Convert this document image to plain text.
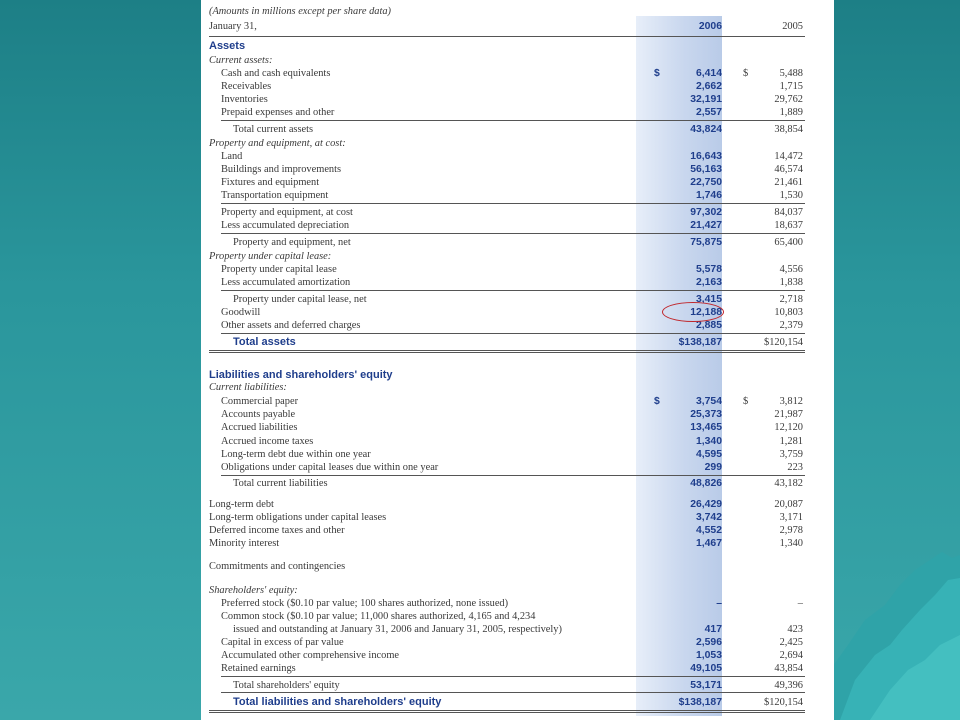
(Amounts in millions except per share data)
January 31,	2006	2005
Assets
Current assets:
Cash and cash equivalents	$	6,414 $	5,488
Receivables	2,662	1,715
Inventories	32,191	29,762
Prepaid expenses and other	2,557	1,889
Total current assets	43,824	38,854
Property and equipment, at cost:
Land	16,643	14,472
Buildings and improvements	56,163	46,574
Fixtures and equipment	22,750	21,461
Transportation equipment	1,746	1,530
Property and equipment, at cost	97,302	84,037
Less accumulated depreciation	21,427	18,637
Property and equipment, net	75,875	65,400
Property under capital lease:
Property under capital lease	5,578	4,556
Less accumulated amortization	2,163	1,838
Property under capital lease, net	3,415	2,718
Goodwill	12,188	10,803
Other assets and deferred charges	2,885	2,379
Total assets	$138,187	$120,154
Liabilities and shareholders' equity
Current liabilities:
Commercial paper	$	3,754 $	3,812
Accounts payable	25,373	21,987
Accrued liabilities	13,465	12,120
Accrued income taxes	1,340	1,281
Long-term debt due within one year	4,595	3,759
Obligations under capital leases due within one year	299	223
Total current liabilities	48,826	43,182
Long-term debt	26,429	20,087
Long-term obligations under capital leases	3,742	3,171
Deferred income taxes and other	4,552	2,978
Minority interest	1,467	1,340
Commitments and contingencies
Shareholders' equity:
Preferred stock ($0.10 par value; 100 shares authorized, none issued)	–	–
Common stock ($0.10 par value; 11,000 shares authorized, 4,165 and 4,234
issued and outstanding at January 31, 2006 and January 31, 2005, respectively)	417	423
Capital in excess of par value	2,596	2,425
Accumulated other comprehensive income	1,053	2,694
Retained earnings	49,105	43,854
Total shareholders' equity	53,171	49,396
Total liabilities and shareholders' equity	$138,187	$120,154
